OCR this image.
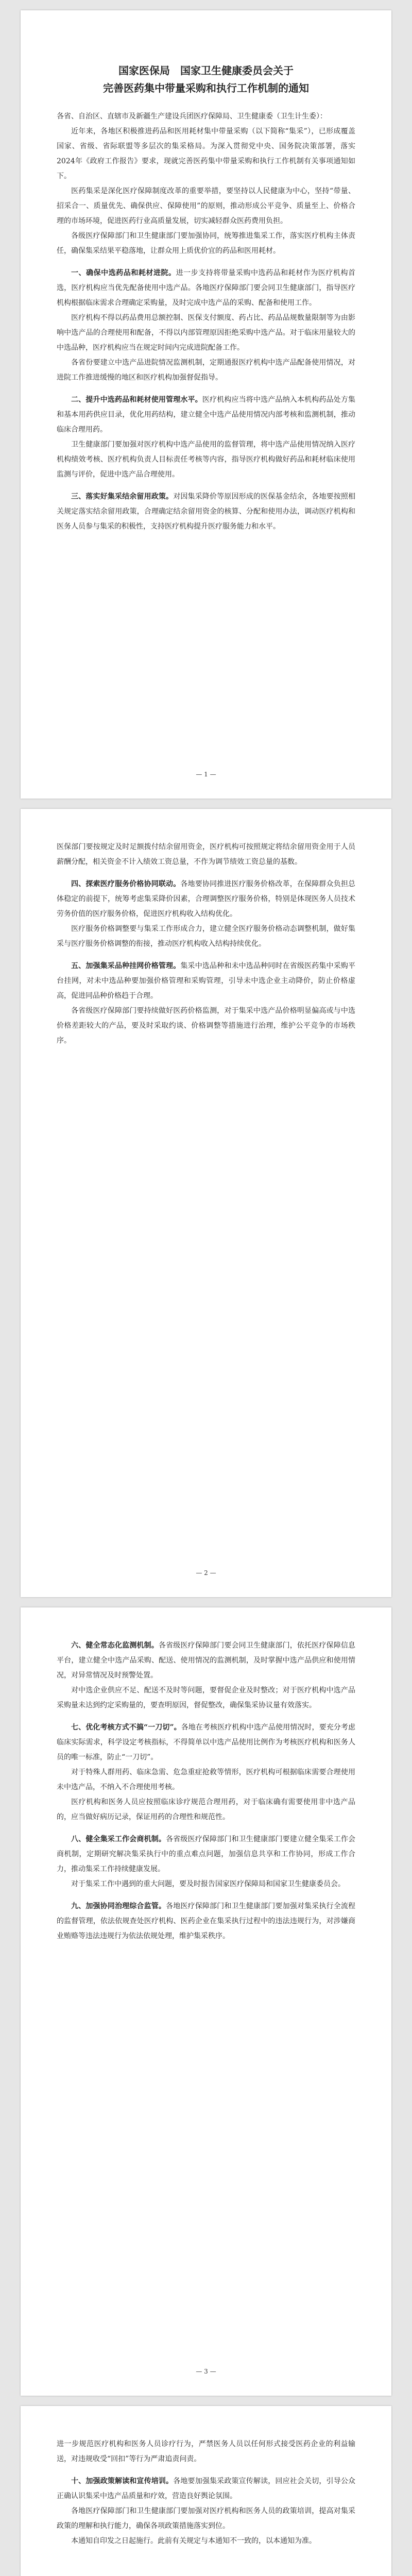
国家医保局　国家卫生健康委员会关于
完善医药集中带量采购和执行工作机制的通知

各省、自治区、直辖市及新疆生产建设兵团医疗保障局、卫生健康委（卫生计生委）：

近年来，各地区积极推进药品和医用耗材集中带量采购（以下简称“集采”），已形成覆盖国家、省级、省际联盟等多层次的集采格局。为深入贯彻党中央、国务院决策部署，落实2024年《政府工作报告》要求，现就完善医药集中带量采购和执行工作机制有关事项通知如下。

医药集采是深化医疗保障制度改革的重要举措，要坚持以人民健康为中心，坚持“带量、招采合一、质量优先、确保供应、保障使用”的原则，推动形成公平竞争、质量至上、价格合理的市场环境，促进医药行业高质量发展，切实减轻群众医药费用负担。

各级医疗保障部门和卫生健康部门要加强协同，统筹推进集采工作，落实医疗机构主体责任，确保集采结果平稳落地，让群众用上质优价宜的药品和医用耗材。

一、确保中选药品和耗材进院。进一步支持将带量采购中选药品和耗材作为医疗机构首选，医疗机构应当优先配备使用中选产品。各地医疗保障部门要会同卫生健康部门，指导医疗机构根据临床需求合理确定采购量，及时完成中选产品的采购、配备和使用工作。

医疗机构不得以药品费用总额控制、医保支付额度、药占比、药品品规数量限制等为由影响中选产品的合理使用和配备，不得以内部管理原因拒绝采购中选产品。对于临床用量较大的中选品种，医疗机构应当在规定时间内完成进院配备工作。

各省份要建立中选产品进院情况监测机制，定期通报医疗机构中选产品配备使用情况，对进院工作推进缓慢的地区和医疗机构加强督促指导。

二、提升中选药品和耗材使用管理水平。医疗机构应当将中选产品纳入本机构药品处方集和基本用药供应目录，优化用药结构，建立健全中选产品使用情况内部考核和监测机制，推动临床合理用药。

卫生健康部门要加强对医疗机构中选产品使用的监督管理，将中选产品使用情况纳入医疗机构绩效考核、医疗机构负责人目标责任考核等内容，指导医疗机构做好药品和耗材临床使用监测与评价，促进中选产品合理使用。

三、落实好集采结余留用政策。对因集采降价等原因形成的医保基金结余，各地要按照相关规定落实结余留用政策，合理确定结余留用资金的核算、分配和使用办法，调动医疗机构和医务人员参与集采的积极性，支持医疗机构提升医疗服务能力和水平。

— 1 —

医保部门要按规定及时足额拨付结余留用资金，医疗机构可按照规定将结余留用资金用于人员薪酬分配，相关资金不计入绩效工资总量，不作为调节绩效工资总量的基数。

四、探索医疗服务价格协同联动。各地要协同推进医疗服务价格改革，在保障群众负担总体稳定的前提下，统筹考虑集采降价因素，合理调整医疗服务价格，特别是体现医务人员技术劳务价值的医疗服务价格，促进医疗机构收入结构优化。

医疗服务价格调整要与集采工作形成合力，建立健全医疗服务价格动态调整机制，做好集采与医疗服务价格调整的衔接，推动医疗机构收入结构持续优化。

五、加强集采品种挂网价格管理。集采中选品种和未中选品种同时在省级医药集中采购平台挂网，对未中选品种要加强价格管理和采购管理，引导未中选企业主动降价，防止价格虚高，促进同品种价格趋于合理。

各省级医疗保障部门要持续做好医药价格监测，对于集采中选产品价格明显偏高或与中选价格差距较大的产品，要及时采取约谈、价格调整等措施进行治理，维护公平竞争的市场秩序。

— 2 —

六、健全常态化监测机制。各省级医疗保障部门要会同卫生健康部门，依托医疗保障信息平台，建立健全中选产品采购、配送、使用情况的监测机制，及时掌握中选产品供应和使用情况，对异常情况及时预警处置。

对中选企业供应不足、配送不及时等问题，要督促企业及时整改；对于医疗机构中选产品采购量未达到约定采购量的，要查明原因，督促整改，确保集采协议量有效落实。

七、优化考核方式不搞“一刀切”。各地在考核医疗机构中选产品使用情况时，要充分考虑临床实际需求，科学设定考核指标，不得简单以中选产品使用比例作为考核医疗机构和医务人员的唯一标准，防止“一刀切”。

对于特殊人群用药、临床急需、危急重症抢救等情形，医疗机构可根据临床需要合理使用未中选产品，不纳入不合理使用考核。

医疗机构和医务人员应按照临床诊疗规范合理用药，对于临床确有需要使用非中选产品的，应当做好病历记录，保证用药的合理性和规范性。

八、健全集采工作会商机制。各省级医疗保障部门和卫生健康部门要建立健全集采工作会商机制，定期研究解决集采执行中的重点难点问题，加强信息共享和工作协同，形成工作合力，推动集采工作持续健康发展。

对于集采工作中遇到的重大问题，要及时报告国家医疗保障局和国家卫生健康委员会。

九、加强协同治理综合监管。各地医疗保障部门和卫生健康部门要加强对集采执行全流程的监督管理，依法依规查处医疗机构、医药企业在集采执行过程中的违法违规行为，对涉嫌商业贿赂等违法违规行为依法依规处理，维护集采秩序。

— 3 —

进一步规范医疗机构和医务人员诊疗行为，严禁医务人员以任何形式接受医药企业的利益输送，对违规收受“回扣”等行为严肃追责问责。

十、加强政策解读和宣传培训。各地要加强集采政策宣传解读，回应社会关切，引导公众正确认识集采中选产品质量和疗效，营造良好舆论氛围。

各地医疗保障部门和卫生健康部门要加强对医疗机构和医务人员的政策培训，提高对集采政策的理解和执行能力，确保各项政策措施落实到位。

本通知自印发之日起施行。此前有关规定与本通知不一致的，以本通知为准。
